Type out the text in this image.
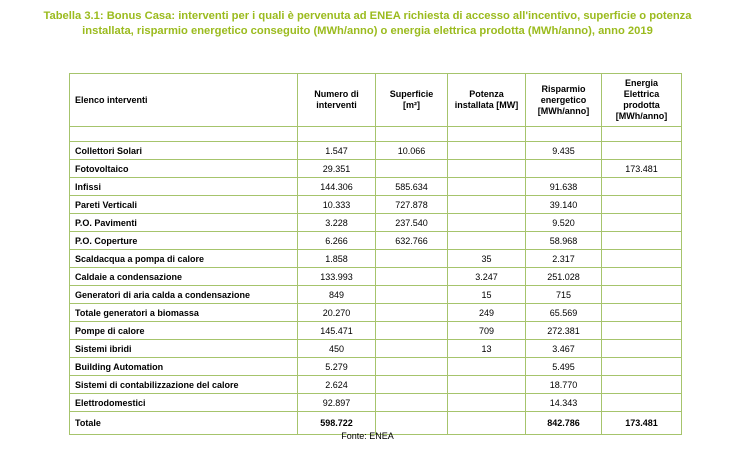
Tabella 3.1: Bonus Casa: interventi per i quali è pervenuta ad ENEA richiesta di accesso all'incentivo, superficie o potenza installata, risparmio energetico conseguito (MWh/anno) o energia elettrica prodotta (MWh/anno), anno 2019
Elenco interventi	Numero di interventi	Superficie [m²]	Potenza installata [MW]	Risparmio energetico [MWh/anno]	Energia Elettrica prodotta [MWh/anno]

Collettori Solari	1.547	10.066		9.435	
Fotovoltaico	29.351				173.481
Infissi	144.306	585.634		91.638	
Pareti Verticali	10.333	727.878		39.140	
P.O. Pavimenti	3.228	237.540		9.520	
P.O. Coperture	6.266	632.766		58.968	
Scaldacqua a pompa di calore	1.858		35	2.317	
Caldaie a condensazione	133.993		3.247	251.028	
Generatori di aria calda a condensazione	849		15	715	
Totale generatori a biomassa	20.270		249	65.569	
Pompe di calore	145.471		709	272.381	
Sistemi ibridi	450		13	3.467	
Building Automation	5.279			5.495	
Sistemi di contabilizzazione del calore	2.624			18.770	
Elettrodomestici	92.897			14.343	
Totale	598.722			842.786	173.481
Fonte: ENEA
